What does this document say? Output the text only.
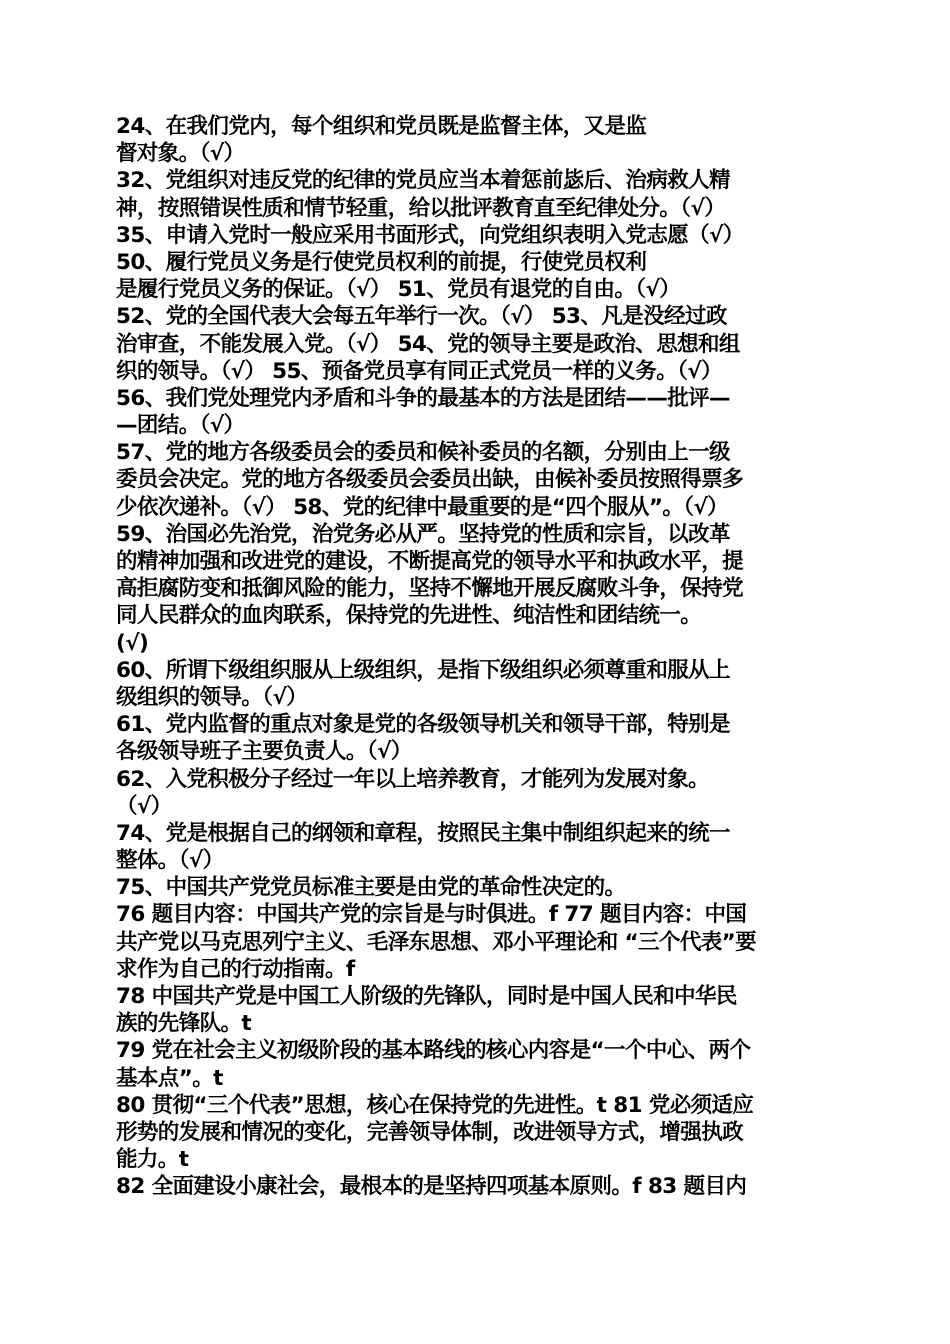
24、在我们党内，每个组织和党员既是监督主体，又是监
督对象。（√）
32、党组织对违反党的纪律的党员应当本着惩前毖后、治病救人精
神，按照错误性质和情节轻重，给以批评教育直至纪律处分。（√）
35、申请入党时一般应采用书面形式，向党组织表明入党志愿（√）
50、履行党员义务是行使党员权利的前提，行使党员权利
是履行党员义务的保证。（√） 51、党员有退党的自由。（√）
52、党的全国代表大会每五年举行一次。（√） 53、凡是没经过政
治审查，不能发展入党。（√） 54、党的领导主要是政治、思想和组
织的领导。（√） 55、预备党员享有同正式党员一样的义务。（√）
56、我们党处理党内矛盾和斗争的最基本的方法是团结——批评—
—团结。（√）
57、党的地方各级委员会的委员和候补委员的名额，分别由上一级
委员会决定。党的地方各级委员会委员出缺，由候补委员按照得票多
少依次递补。（√） 58、党的纪律中最重要的是“四个服从”。（√）
59、治国必先治党，治党务必从严。坚持党的性质和宗旨，以改革
的精神加强和改进党的建设，不断提高党的领导水平和执政水平，提
高拒腐防变和抵御风险的能力，坚持不懈地开展反腐败斗争，保持党
同人民群众的血肉联系，保持党的先进性、纯洁性和团结统一。
(√)
60、所谓下级组织服从上级组织，是指下级组织必须尊重和服从上
级组织的领导。（√）
61、党内监督的重点对象是党的各级领导机关和领导干部，特别是
各级领导班子主要负责人。（√）
62、入党积极分子经过一年以上培养教育，才能列为发展对象。
（√）
74、党是根据自己的纲领和章程，按照民主集中制组织起来的统一
整体。（√）
75、中国共产党党员标准主要是由党的革命性决定的。
76 题目内容：中国共产党的宗旨是与时俱进。f 77 题目内容：中国
共产党以马克思列宁主义、毛泽东思想、邓小平理论和 “三个代表”要
求作为自己的行动指南。f
78 中国共产党是中国工人阶级的先锋队，同时是中国人民和中华民
族的先锋队。t
79 党在社会主义初级阶段的基本路线的核心内容是“一个中心、两个
基本点”。t
80 贯彻“三个代表”思想，核心在保持党的先进性。t 81 党必须适应
形势的发展和情况的变化，完善领导体制，改进领导方式，增强执政
能力。t
82 全面建设小康社会，最根本的是坚持四项基本原则。f 83 题目内
